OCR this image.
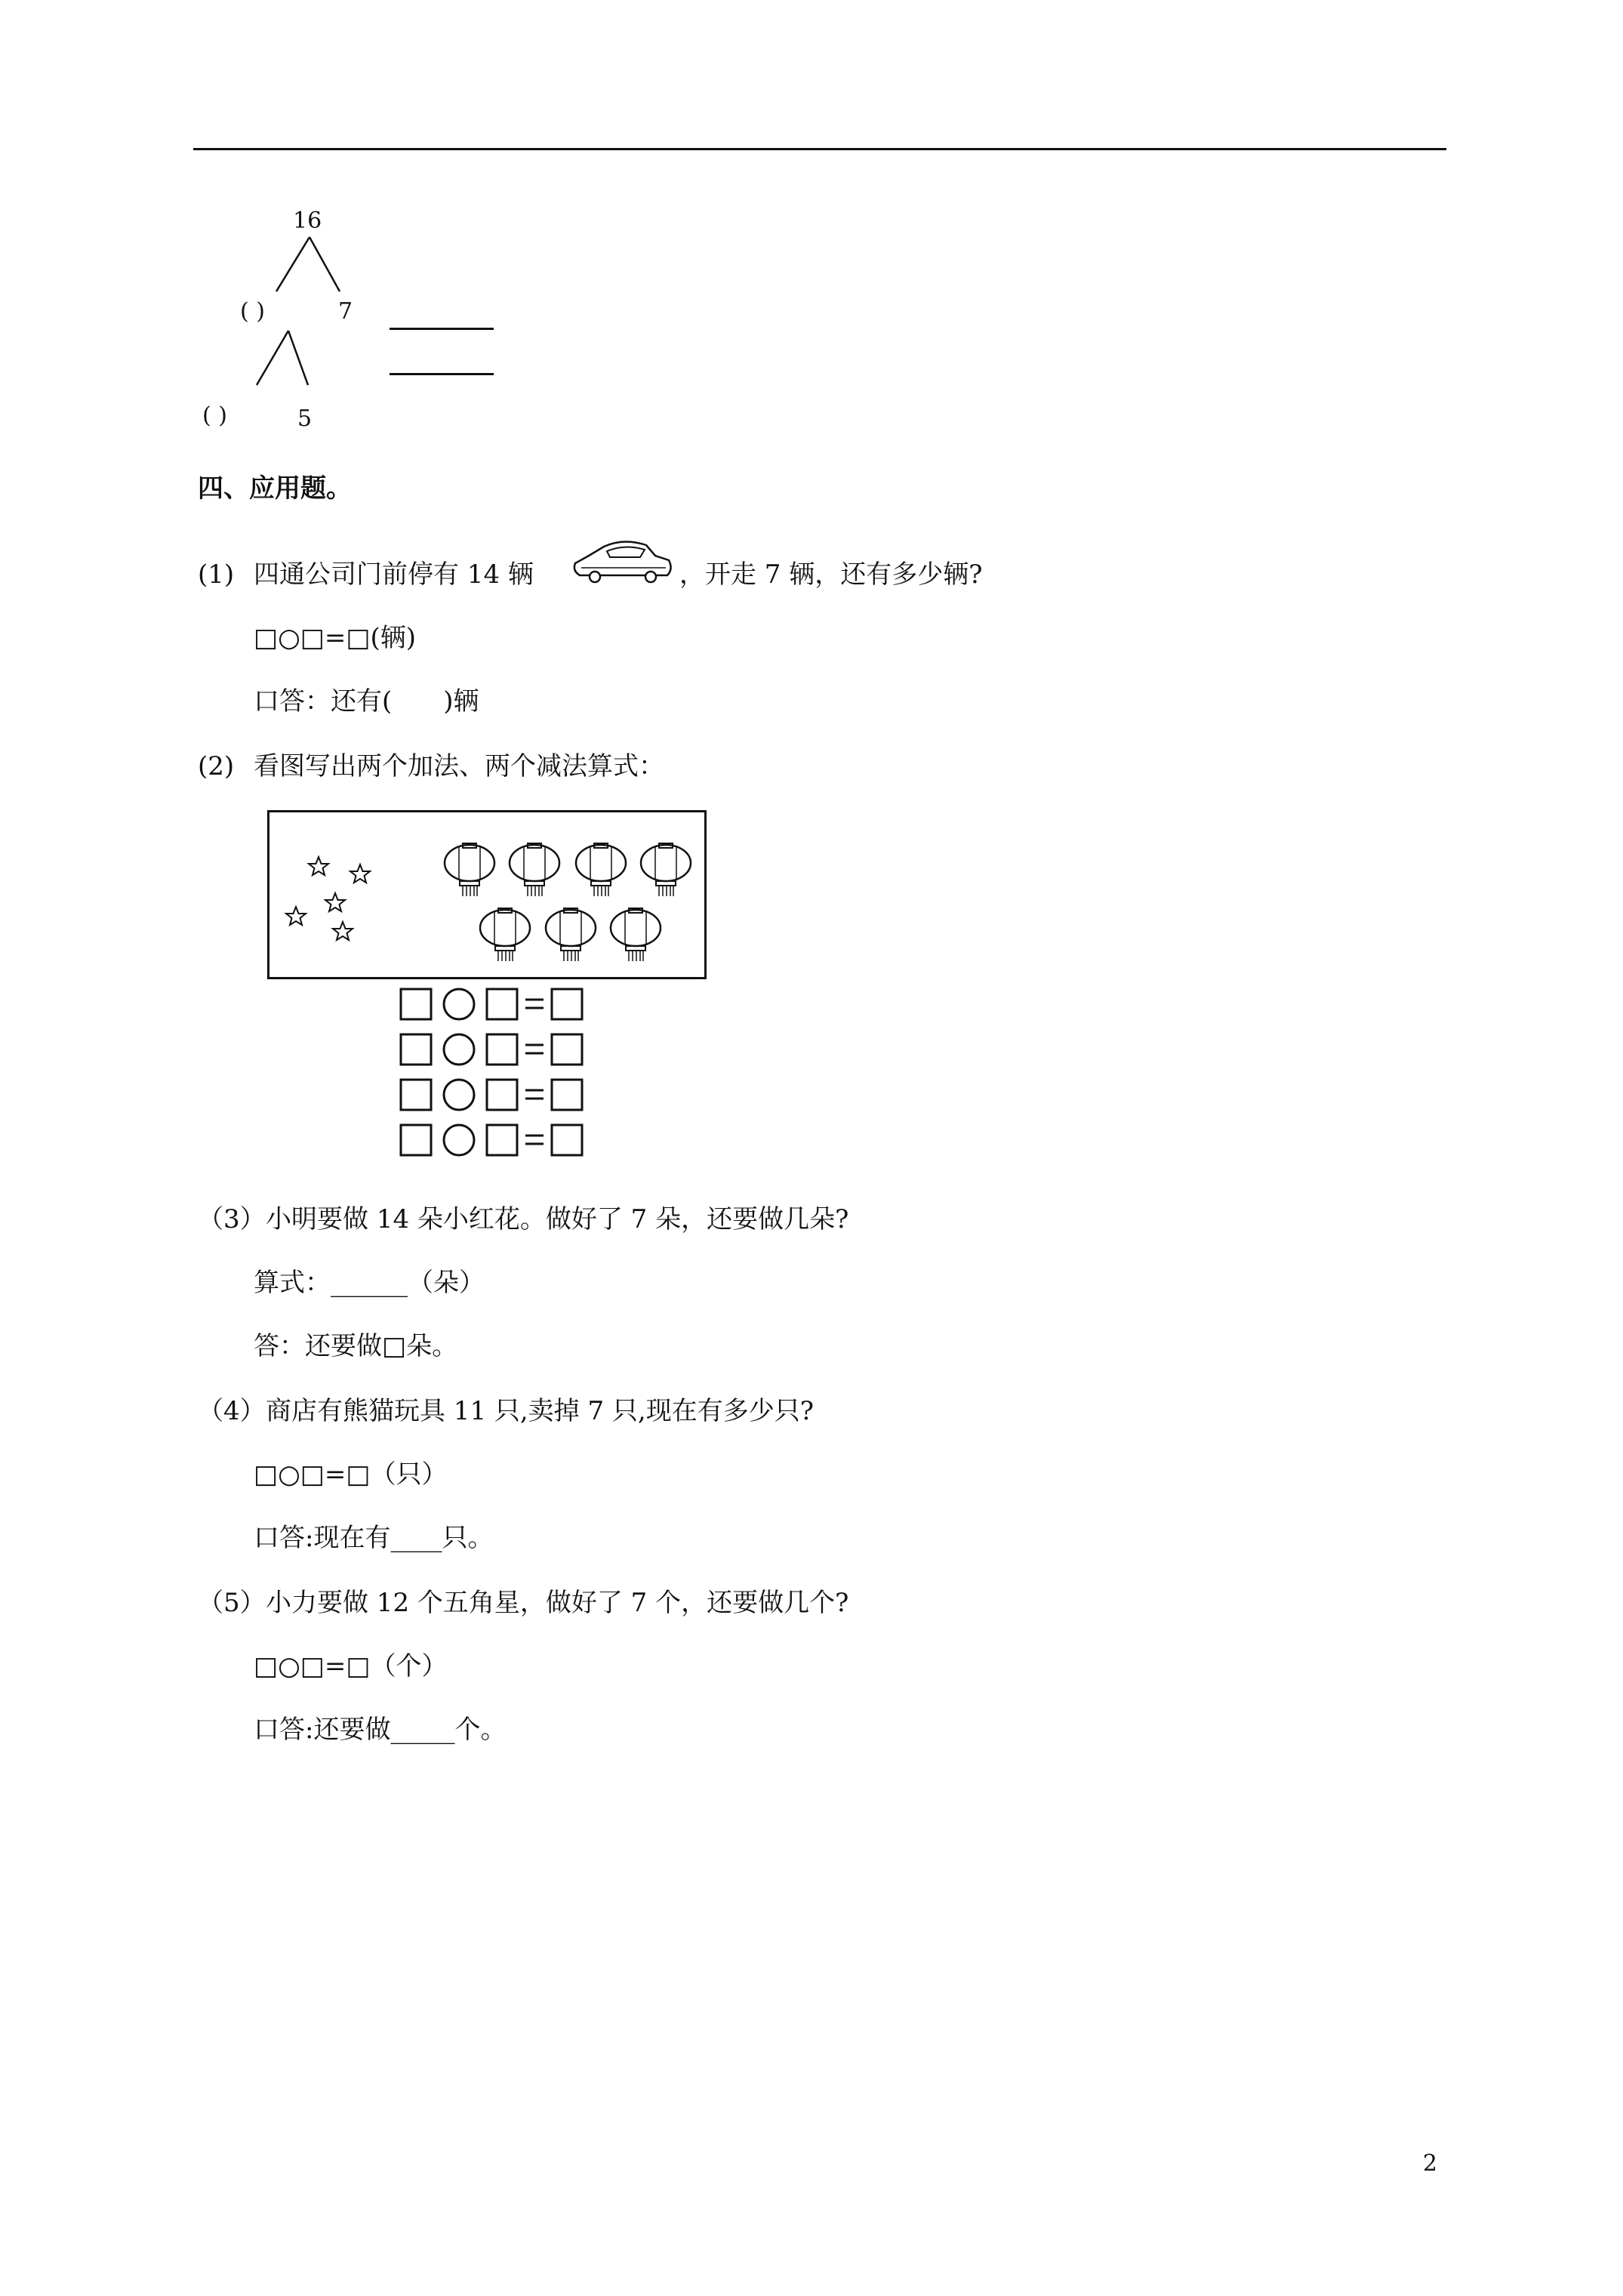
16
( )	7
( )	5
四、应用题。
(1) 四通公司门前停有 14 辆	，开走 7 辆，还有多少辆?
□○□=□(辆)
口答：还有(　　)辆
(2) 看图写出两个加法、两个减法算式：
（3） 小明要做 14 朵小红花。做好了 7 朵，还要做几朵?
算式：______（朵）
答：还要做□朵。
（4） 商店有熊猫玩具 11 只,卖掉 7 只,现在有多少只?
□○□=□（只）
口答:现在有____只。
（5） 小力要做 12 个五角星，做好了 7 个，还要做几个?
□○□=□（个）
口答:还要做_____个。
2
